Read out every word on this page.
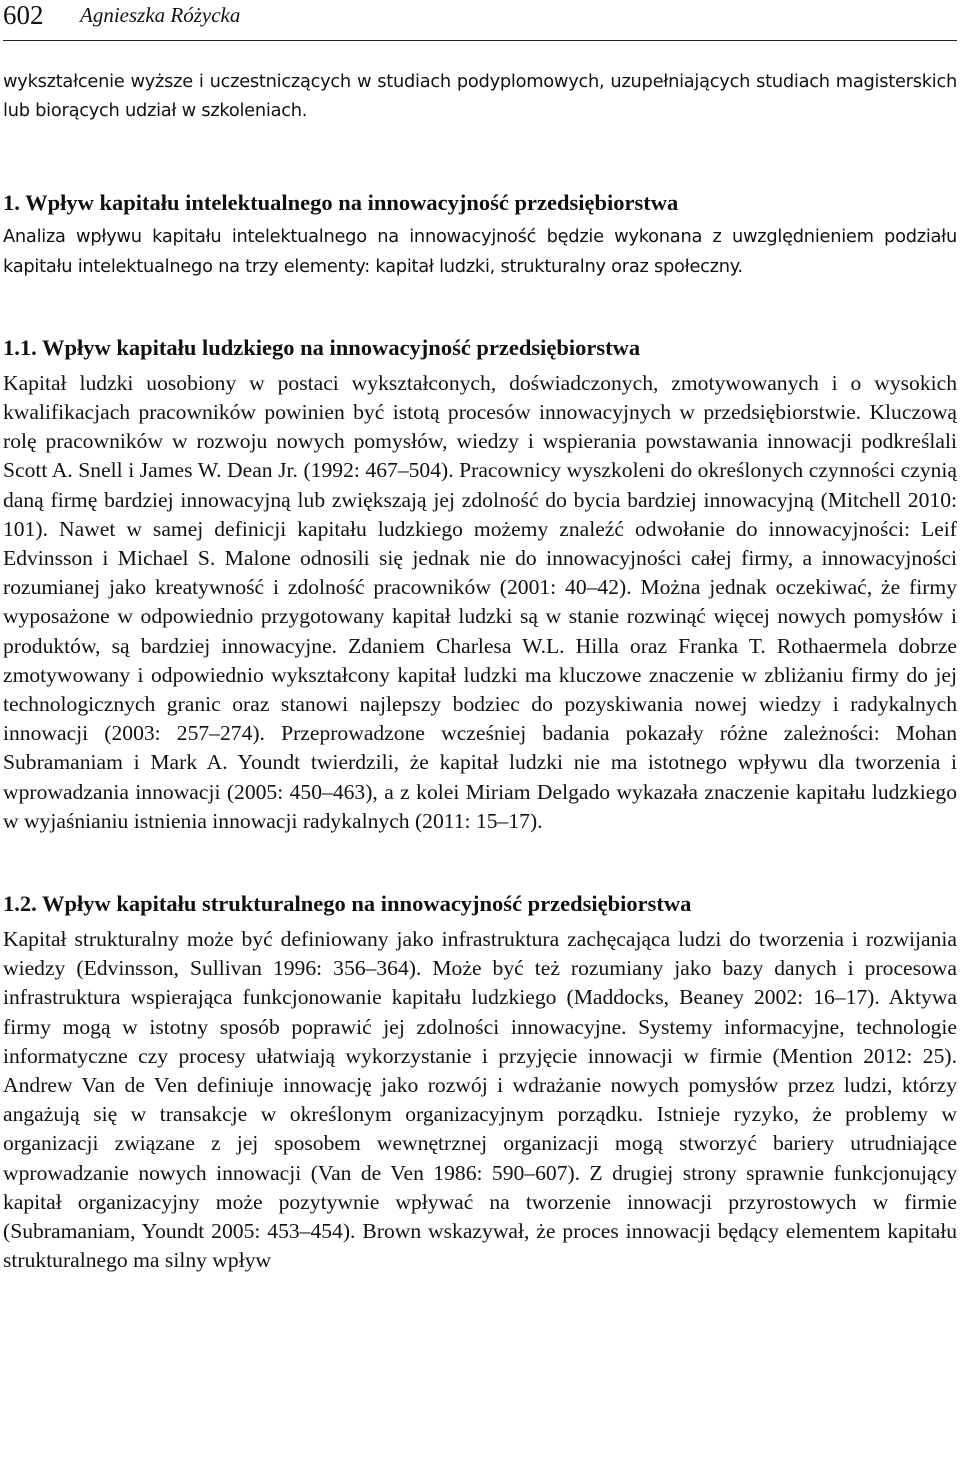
602 Agnieszka Różycka

wykształcenie wyższe i uczestniczących w studiach podyplomowych, uzupełniających studiach magisterskich lub biorących udział w szkoleniach.

1. Wpływ kapitału intelektualnego na innowacyjność przedsiębiorstwa

Analiza wpływu kapitału intelektualnego na innowacyjność będzie wykonana z uwzględnieniem podziału kapitału intelektualnego na trzy elementy: kapitał ludzki, strukturalny oraz społeczny.

1.1. Wpływ kapitału ludzkiego na innowacyjność przedsiębiorstwa

Kapitał ludzki uosobiony w postaci wykształconych, doświadczonych, zmotywowanych i o wysokich kwalifikacjach pracowników powinien być istotą procesów innowacyjnych w przedsiębiorstwie. Kluczową rolę pracowników w rozwoju nowych pomysłów, wiedzy i wspierania powstawania innowacji podkreślali Scott A. Snell i James W. Dean Jr. (1992: 467–504). Pracownicy wyszkoleni do określonych czynności czynią daną firmę bardziej innowacyjną lub zwiększają jej zdolność do bycia bardziej innowacyjną (Mitchell 2010: 101). Nawet w samej definicji kapitału ludzkiego możemy znaleźć odwołanie do innowacyjności: Leif Edvinsson i Michael S. Malone odnosili się jednak nie do innowacyjności całej firmy, a innowacyjności rozumianej jako kreatywność i zdolność pracowników (2001: 40–42). Można jednak oczekiwać, że firmy wyposażone w odpowiednio przygotowany kapitał ludzki są w stanie rozwinąć więcej nowych pomysłów i produktów, są bardziej innowacyjne. Zdaniem Charlesa W.L. Hilla oraz Franka T. Rothaermela dobrze zmotywowany i odpowiednio wykształcony kapitał ludzki ma kluczowe znaczenie w zbliżaniu firmy do jej technologicznych granic oraz stanowi najlepszy bodziec do pozyskiwania nowej wiedzy i radykalnych innowacji (2003: 257–274). Przeprowadzone wcześniej badania pokazały różne zależności: Mohan Subramaniam i Mark A. Youndt twierdzili, że kapitał ludzki nie ma istotnego wpływu dla tworzenia i wprowadzania innowacji (2005: 450–463), a z kolei Miriam Delgado wykazała znaczenie kapitału ludzkiego w wyjaśnianiu istnienia innowacji radykalnych (2011: 15–17).

1.2. Wpływ kapitału strukturalnego na innowacyjność przedsiębiorstwa

Kapitał strukturalny może być definiowany jako infrastruktura zachęcająca ludzi do tworzenia i rozwijania wiedzy (Edvinsson, Sullivan 1996: 356–364). Może być też rozumiany jako bazy danych i procesowa infrastruktura wspierająca funkcjonowanie kapitału ludzkiego (Maddocks, Beaney 2002: 16–17). Aktywa firmy mogą w istotny sposób poprawić jej zdolności innowacyjne. Systemy informacyjne, technologie informatyczne czy procesy ułatwiają wykorzystanie i przyjęcie innowacji w firmie (Mention 2012: 25). Andrew Van de Ven definiuje innowację jako rozwój i wdrażanie nowych pomysłów przez ludzi, którzy angażują się w transakcje w określonym organizacyjnym porządku. Istnieje ryzyko, że problemy w organizacji związane z jej sposobem wewnętrznej organizacji mogą stworzyć bariery utrudniające wprowadzanie nowych innowacji (Van de Ven 1986: 590–607). Z drugiej strony sprawnie funkcjonujący kapitał organizacyjny może pozytywnie wpływać na tworzenie innowacji przyrostowych w firmie (Subramaniam, Youndt 2005: 453–454). Brown wskazywał, że proces innowacji będący elementem kapitału strukturalnego ma silny wpływ
